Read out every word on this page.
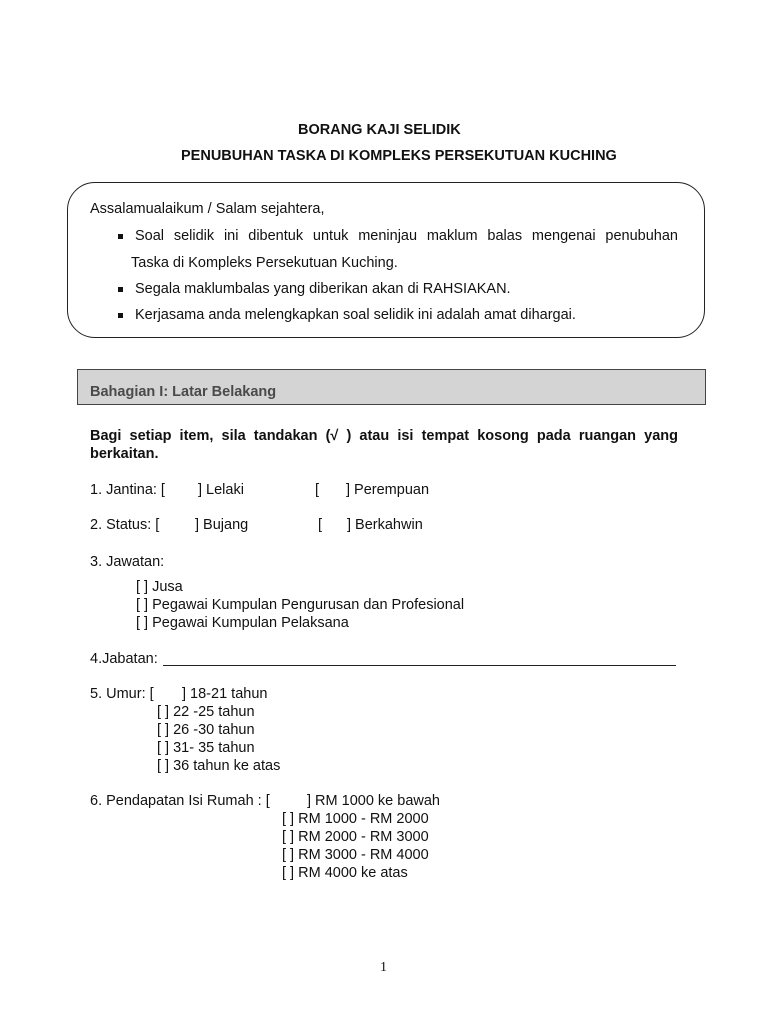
BORANG KAJI SELIDIK
PENUBUHAN TASKA DI KOMPLEKS PERSEKUTUAN KUCHING
Assalamualaikum / Salam sejahtera,
Soal selidik ini dibentuk untuk meninjau maklum balas mengenai penubuhan
Taska di Kompleks Persekutuan Kuching.
Segala maklumbalas yang diberikan akan di RAHSIAKAN.
Kerjasama anda melengkapkan soal selidik ini adalah amat dihargai.
Bahagian I: Latar Belakang
Bagi setiap item, sila tandakan (√ ) atau isi tempat kosong pada ruangan yang
berkaitan.
1. Jantina: [ ] Lelaki	[ ] Perempuan
2. Status: [ ] Bujang	[ ] Berkahwin
3. Jawatan:
[ ] Jusa
[ ] Pegawai Kumpulan Pengurusan dan Profesional
[ ] Pegawai Kumpulan Pelaksana
4.Jabatan:
5. Umur: [ ] 18-21 tahun
[ ] 22 -25 tahun
[ ] 26 -30 tahun
[ ] 31- 35 tahun
[ ] 36 tahun ke atas
6. Pendapatan Isi Rumah : [	] RM 1000 ke bawah
[ ] RM 1000 - RM 2000
[ ] RM 2000 - RM 3000
[ ] RM 3000 - RM 4000
[ ] RM 4000 ke atas
1
